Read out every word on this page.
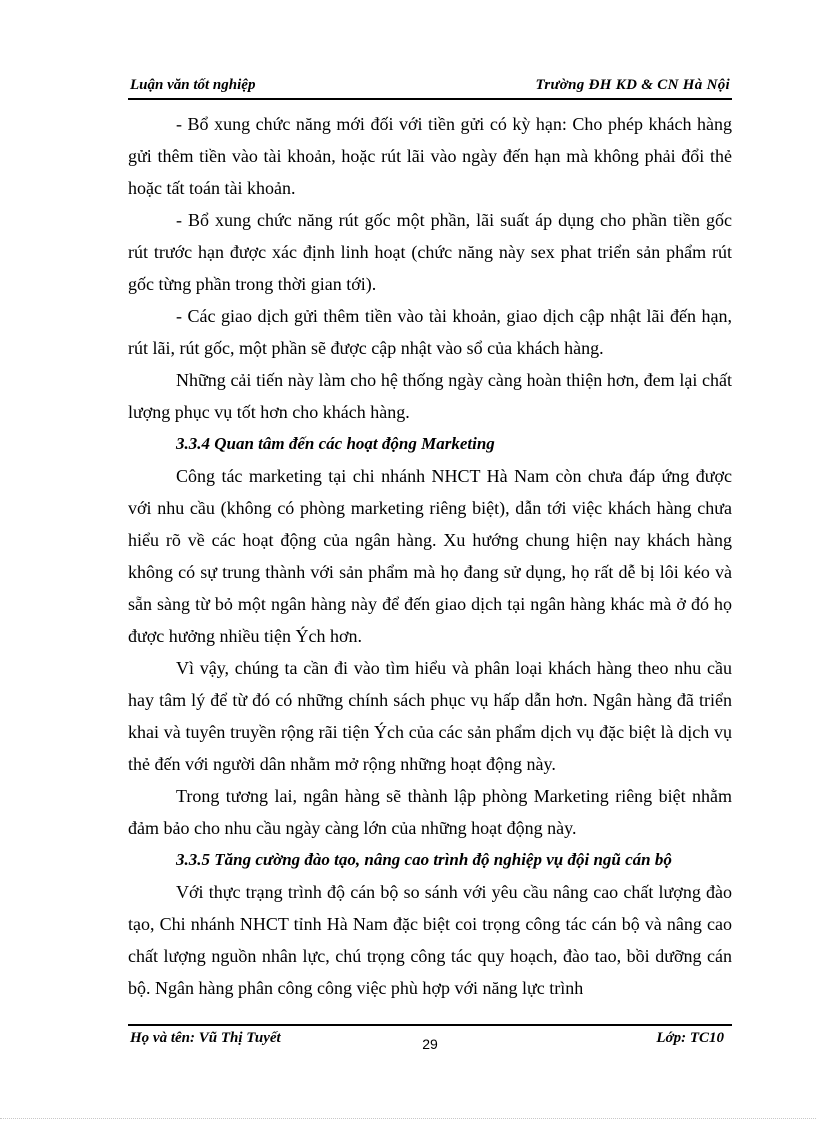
Luận văn tốt nghiệp	Trường ĐH KD & CN Hà Nội

- Bổ xung chức năng mới đối với tiền gửi có kỳ hạn: Cho phép khách hàng gửi thêm tiền vào tài khoản, hoặc rút lãi vào ngày đến hạn mà không phải đổi thẻ hoặc tất toán tài khoản.

- Bổ xung chức năng rút gốc một phần, lãi suất áp dụng cho phần tiền gốc rút trước hạn được xác định linh hoạt (chức năng này sex phat triển sản phẩm rút gốc từng phần trong thời gian tới).

- Các giao dịch gửi thêm tiền vào tài khoản, giao dịch cập nhật lãi đến hạn, rút lãi, rút gốc, một phần sẽ được cập nhật vào sổ của khách hàng.

Những cải tiến này làm cho hệ thống ngày càng hoàn thiện hơn, đem lại chất lượng phục vụ tốt hơn cho khách hàng.

3.3.4 Quan tâm đến các hoạt động Marketing

Công tác marketing tại chi nhánh NHCT Hà Nam còn chưa đáp ứng được với nhu cầu (không có phòng marketing riêng biệt), dẫn tới việc khách hàng chưa hiểu rõ về các hoạt động của ngân hàng. Xu hướng chung hiện nay khách hàng không có sự trung thành với sản phẩm mà họ đang sử dụng, họ rất dễ bị lôi kéo và sẵn sàng từ bỏ một ngân hàng này để đến giao dịch tại ngân hàng khác mà ở đó họ được hưởng nhiều tiện Ých hơn.

Vì vậy, chúng ta cần đi vào tìm hiểu và phân loại khách hàng theo nhu cầu hay tâm lý để từ đó có những chính sách phục vụ hấp dẫn hơn. Ngân hàng đã triển khai và tuyên truyền rộng rãi tiện Ých của các sản phẩm dịch vụ đặc biệt là dịch vụ thẻ đến với người dân nhằm mở rộng những hoạt động này.

Trong tương lai, ngân hàng sẽ thành lập phòng Marketing riêng biệt nhằm đảm bảo cho nhu cầu ngày càng lớn của những hoạt động này.

3.3.5 Tăng cường đào tạo, nâng cao trình độ nghiệp vụ đội ngũ cán bộ

Với thực trạng trình độ cán bộ so sánh với yêu cầu nâng cao chất lượng đào tạo, Chi nhánh NHCT tỉnh Hà Nam đặc biệt coi trọng công tác cán bộ và nâng cao chất lượng nguồn nhân lực, chú trọng công tác quy hoạch, đào tao, bồi dưỡng cán bộ. Ngân hàng phân công công việc phù hợp với năng lực trình

Họ và tên: Vũ Thị Tuyết	29	Lớp: TC10
